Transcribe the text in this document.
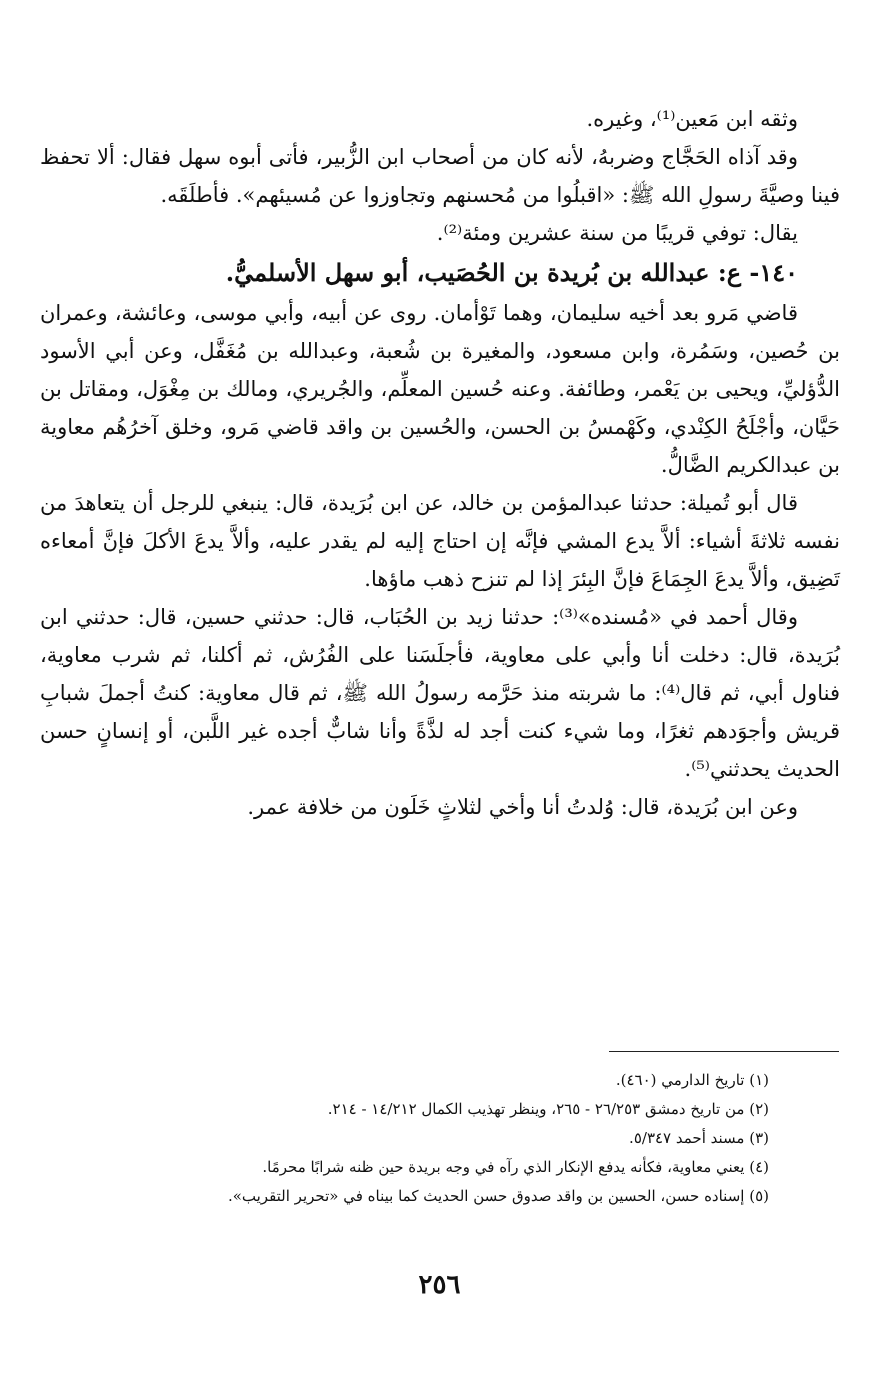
وثقه ابن مَعين⁽¹⁾، وغيره.

وقد آذاه الحَجَّاج وضربهُ، لأنه كان من أصحاب ابن الزُّبير، فأتى أبوه سهل فقال: ألا تحفظ فينا وصيَّةَ رسولِ الله ﷺ: «اقبلُوا من مُحسنهم وتجاوزوا عن مُسيئهم». فأطلَقَه.

يقال: توفي قريبًا من سنة عشرين ومئة⁽²⁾.

١٤٠- ع: عبدالله بن بُريدة بن الحُصَيب، أبو سهل الأسلميُّ.

قاضي مَرو بعد أخيه سليمان، وهما تَوْأمان. روى عن أبيه، وأبي موسى، وعائشة، وعمران بن حُصين، وسَمُرة، وابن مسعود، والمغيرة بن شُعبة، وعبدالله بن مُغَفَّل، وعن أبي الأسود الدُّؤليِّ، ويحيى بن يَعْمر، وطائفة. وعنه حُسين المعلِّم، والجُريري، ومالك بن مِغْوَل، ومقاتل بن حَيَّان، وأجْلَحُ الكِنْدي، وكَهْمسُ بن الحسن، والحُسين بن واقد قاضي مَرو، وخلق آخرُهُم معاوية بن عبدالكريم الضَّالُّ.

قال أبو تُميلة: حدثنا عبدالمؤمن بن خالد، عن ابن بُرَيدة، قال: ينبغي للرجل أن يتعاهدَ من نفسه ثلاثةَ أشياء: ألاَّ يدع المشي فإنَّه إن احتاج إليه لم يقدر عليه، وألاَّ يدعَ الأكلَ فإنَّ أمعاءه تَضِيق، وألاَّ يدعَ الجِمَاعَ فإنَّ البِئرَ إذا لم تنزح ذهب ماؤها.

وقال أحمد في «مُسنده»⁽³⁾: حدثنا زيد بن الحُبَاب، قال: حدثني حسين، قال: حدثني ابن بُرَيدة، قال: دخلت أنا وأبي على معاوية، فأجلَسَنا على الفُرُش، ثم أكلنا، ثم شرب معاوية، فناول أبي، ثم قال⁽⁴⁾: ما شربته منذ حَرَّمه رسولُ الله ﷺ، ثم قال معاوية: كنتُ أجملَ شبابِ قريش وأجوَدهم ثغرًا، وما شيء كنت أجد له لذَّةً وأنا شابٌّ أجده غير اللَّبن، أو إنسانٍ حسن الحديث يحدثني⁽⁵⁾.

وعن ابن بُرَيدة، قال: وُلدتُ أنا وأخي لثلاثٍ خَلَون من خلافة عمر.

(١) تاريخ الدارمي (٤٦٠).
(٢) من تاريخ دمشق ٢٦/٢٥٣ - ٢٦٥، وينظر تهذيب الكمال ١٤/٢١٢ - ٢١٤.
(٣) مسند أحمد ٥/٣٤٧.
(٤) يعني معاوية، فكأنه يدفع الإنكار الذي رآه في وجه بريدة حين ظنه شرابًا محرمًا.
(٥) إسناده حسن، الحسين بن واقد صدوق حسن الحديث كما بيناه في «تحرير التقريب».
٢٥٦
